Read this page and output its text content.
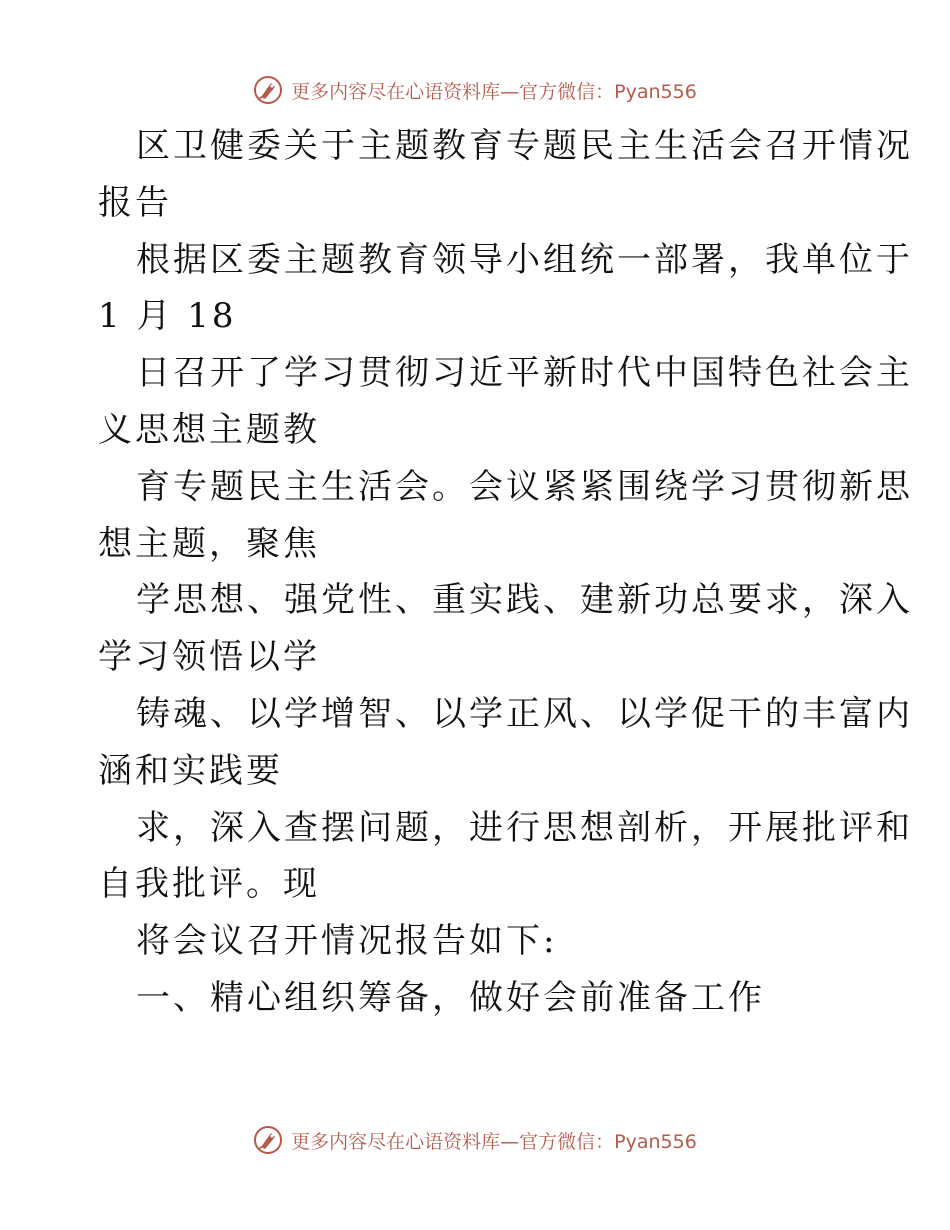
更多内容尽在心语资料库—官方微信：Pyan556
区卫健委关于主题教育专题民主生活会召开情况
报告
根据区委主题教育领导小组统一部署，我单位于
1 月 18
日召开了学习贯彻习近平新时代中国特色社会主
义思想主题教
育专题民主生活会。会议紧紧围绕学习贯彻新思
想主题，聚焦
学思想、强党性、重实践、建新功总要求，深入
学习领悟以学
铸魂、以学增智、以学正风、以学促干的丰富内
涵和实践要
求，深入查摆问题，进行思想剖析，开展批评和
自我批评。现
将会议召开情况报告如下:
一、精心组织筹备，做好会前准备工作
更多内容尽在心语资料库—官方微信：Pyan556
